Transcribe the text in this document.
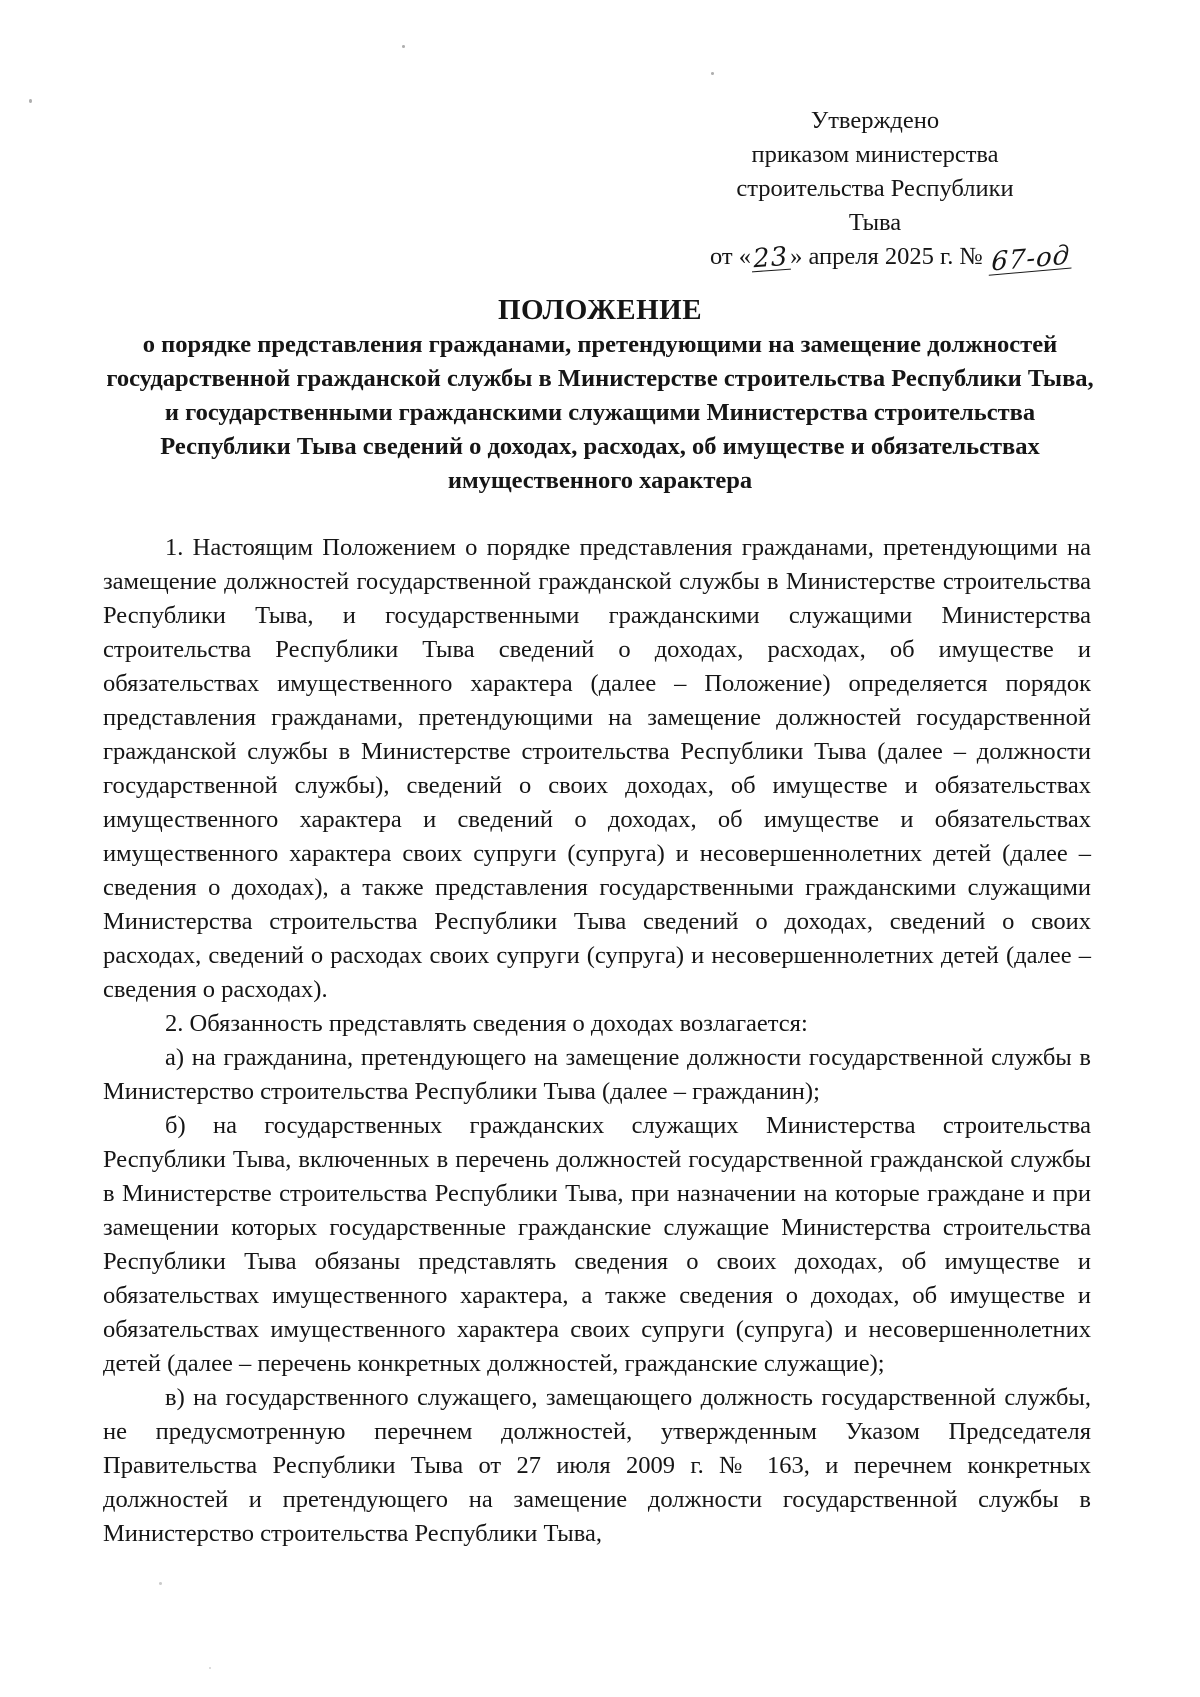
Утверждено
приказом министерства
строительства Республики Тыва
от «23» апреля 2025 г. № 67-од
ПОЛОЖЕНИЕ
о порядке представления гражданами, претендующими на замещение должностей государственной гражданской службы в Министерстве строительства Республики Тыва, и государственными гражданскими служащими Министерства строительства Республики Тыва сведений о доходах, расходах, об имуществе и обязательствах имущественного характера

1. Настоящим Положением о порядке представления гражданами, претендующими на замещение должностей государственной гражданской службы в Министерстве строительства Республики Тыва, и государственными гражданскими служащими Министерства строительства Республики Тыва сведений о доходах, расходах, об имуществе и обязательствах имущественного характера (далее – Положение) определяется порядок представления гражданами, претендующими на замещение должностей государственной гражданской службы в Министерстве строительства Республики Тыва (далее – должности государственной службы), сведений о своих доходах, об имуществе и обязательствах имущественного характера и сведений о доходах, об имуществе и обязательствах имущественного характера своих супруги (супруга) и несовершеннолетних детей (далее – сведения о доходах), а также представления государственными гражданскими служащими Министерства строительства Республики Тыва сведений о доходах, сведений о своих расходах, сведений о расходах своих супруги (супруга) и несовершеннолетних детей (далее – сведения о расходах).

2. Обязанность представлять сведения о доходах возлагается:

а) на гражданина, претендующего на замещение должности государственной службы в Министерство строительства Республики Тыва (далее – гражданин);

б) на государственных гражданских служащих Министерства строительства Республики Тыва, включенных в перечень должностей государственной гражданской службы в Министерстве строительства Республики Тыва, при назначении на которые граждане и при замещении которых государственные гражданские служащие Министерства строительства Республики Тыва обязаны представлять сведения о своих доходах, об имуществе и обязательствах имущественного характера, а также сведения о доходах, об имуществе и обязательствах имущественного характера своих супруги (супруга) и несовершеннолетних детей (далее – перечень конкретных должностей, гражданские служащие);

в) на государственного служащего, замещающего должность государственной службы, не предусмотренную перечнем должностей, утвержденным Указом Председателя Правительства Республики Тыва от 27 июля 2009 г. № 163, и перечнем конкретных должностей и претендующего на замещение должности государственной службы в Министерство строительства Республики Тыва,
